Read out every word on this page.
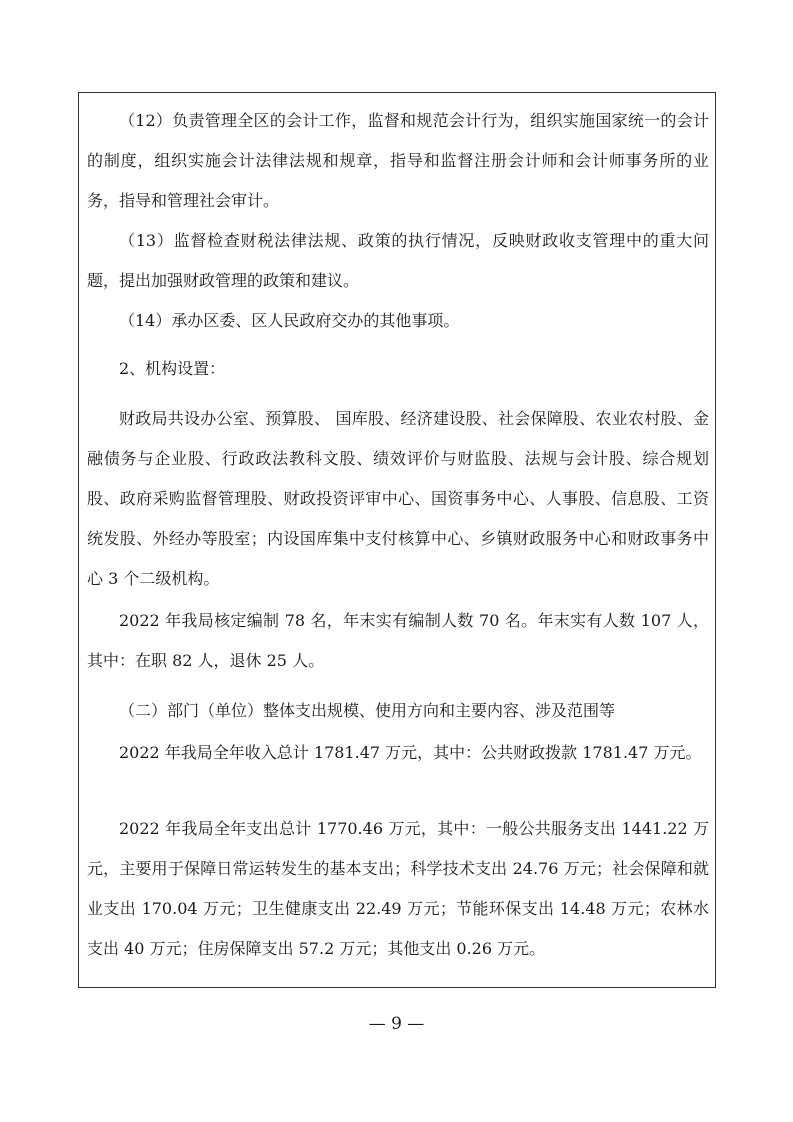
（12）负责管理全区的会计工作，监督和规范会计行为，组织实施国家统一的会计的制度，组织实施会计法律法规和规章，指导和监督注册会计师和会计师事务所的业务，指导和管理社会审计。

（13）监督检查财税法律法规、政策的执行情况，反映财政收支管理中的重大问题，提出加强财政管理的政策和建议。

（14）承办区委、区人民政府交办的其他事项。

2、机构设置：

财政局共设办公室、预算股、 国库股、经济建设股、社会保障股、农业农村股、金融债务与企业股、行政政法教科文股、绩效评价与财监股、法规与会计股、综合规划股、政府采购监督管理股、财政投资评审中心、国资事务中心、人事股、信息股、工资统发股、外经办等股室；内设国库集中支付核算中心、乡镇财政服务中心和财政事务中心 3 个二级机构。

2022 年我局核定编制 78 名，年末实有编制人数 70 名。年末实有人数 107 人，其中：在职 82 人，退休 25 人。

（二）部门（单位）整体支出规模、使用方向和主要内容、涉及范围等

2022 年我局全年收入总计 1781.47 万元，其中：公共财政拨款 1781.47 万元。

2022 年我局全年支出总计 1770.46 万元，其中：一般公共服务支出 1441.22 万元，主要用于保障日常运转发生的基本支出；科学技术支出 24.76 万元；社会保障和就业支出 170.04 万元；卫生健康支出 22.49 万元；节能环保支出 14.48 万元；农林水支出 40 万元；住房保障支出 57.2 万元；其他支出 0.26 万元。

— 9 —
